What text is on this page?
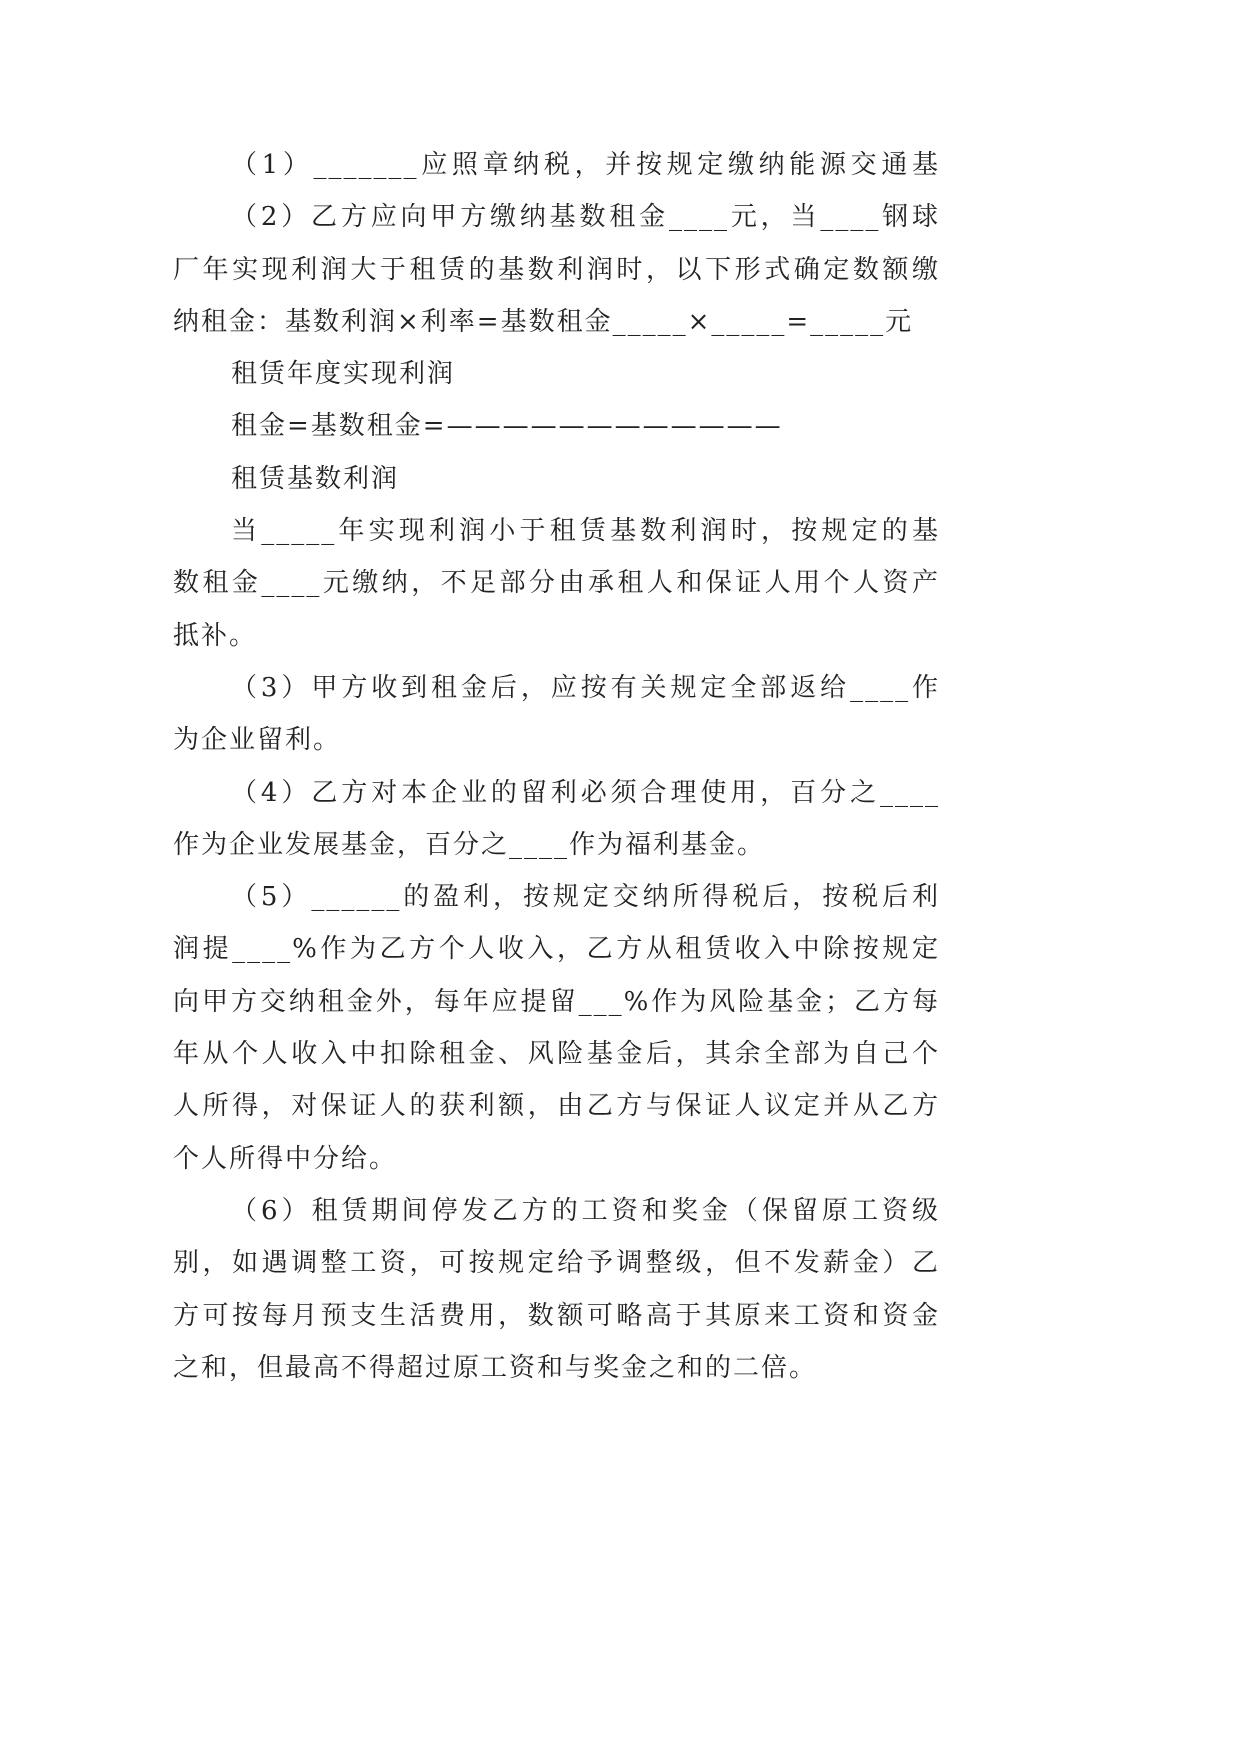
（1）_______应照章纳税，并按规定缴纳能源交通基
（2）乙方应向甲方缴纳基数租金____元，当____钢球
厂年实现利润大于租赁的基数利润时，以下形式确定数额缴
纳租金：基数利润×利率=基数租金_____×_____=_____元
租赁年度实现利润
租金=基数租金=————————————
租赁基数利润
当_____年实现利润小于租赁基数利润时，按规定的基
数租金____元缴纳，不足部分由承租人和保证人用个人资产
抵补。
（3）甲方收到租金后，应按有关规定全部返给____作
为企业留利。
（4）乙方对本企业的留利必须合理使用，百分之____
作为企业发展基金，百分之____作为福利基金。
（5）______的盈利，按规定交纳所得税后，按税后利
润提____%作为乙方个人收入，乙方从租赁收入中除按规定
向甲方交纳租金外，每年应提留___%作为风险基金；乙方每
年从个人收入中扣除租金、风险基金后，其余全部为自己个
人所得，对保证人的获利额，由乙方与保证人议定并从乙方
个人所得中分给。
（6）租赁期间停发乙方的工资和奖金（保留原工资级
别，如遇调整工资，可按规定给予调整级，但不发薪金）乙
方可按每月预支生活费用，数额可略高于其原来工资和资金
之和，但最高不得超过原工资和与奖金之和的二倍。
